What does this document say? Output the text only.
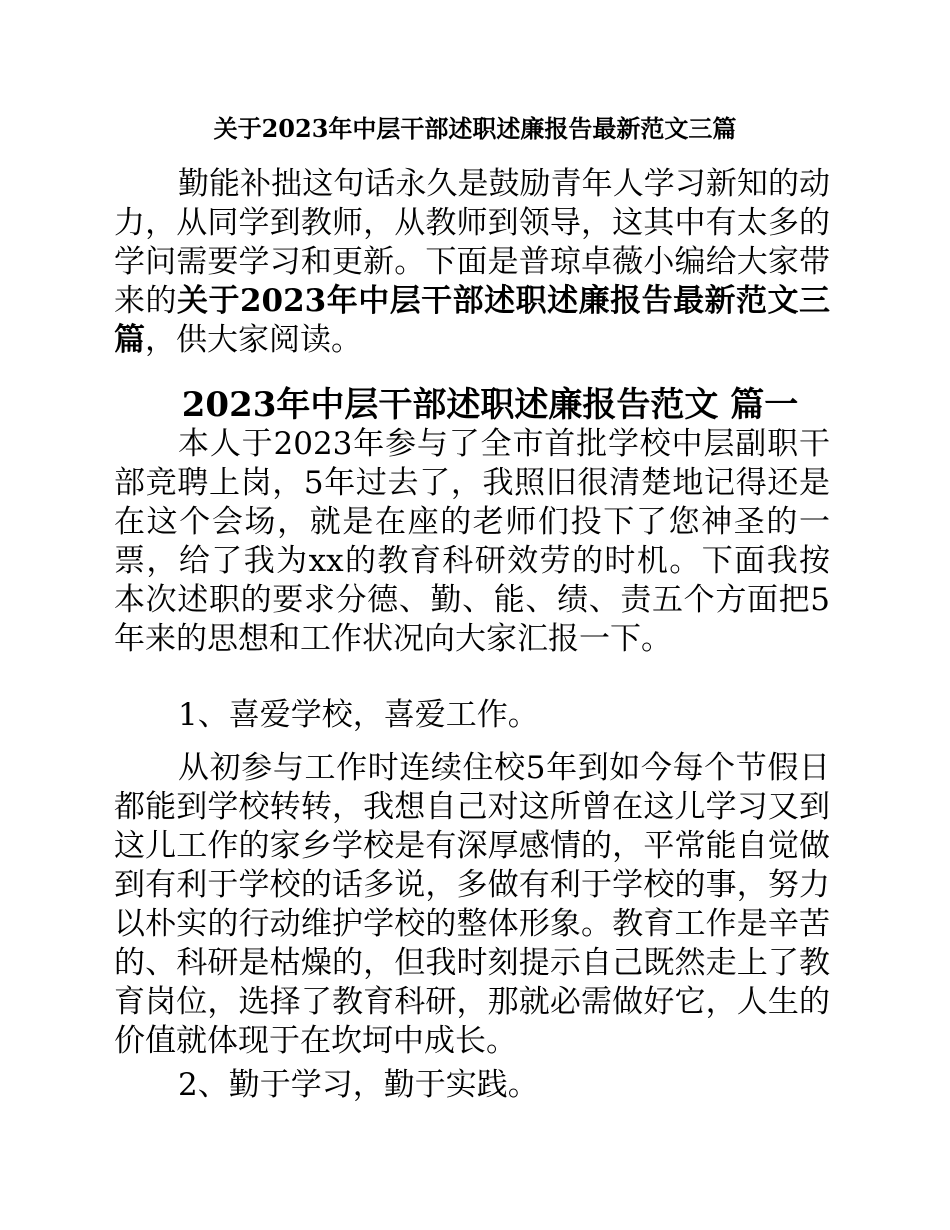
关于2023年中层干部述职述廉报告最新范文三篇

勤能补拙这句话永久是鼓励青年人学习新知的动力，从同学到教师，从教师到领导，这其中有太多的学问需要学习和更新。下面是普琼卓薇小编给大家带来的关于2023年中层干部述职述廉报告最新范文三篇，供大家阅读。

2023年中层干部述职述廉报告范文 篇一

本人于2023年参与了全市首批学校中层副职干部竞聘上岗，5年过去了，我照旧很清楚地记得还是在这个会场，就是在座的老师们投下了您神圣的一票，给了我为xx的教育科研效劳的时机。下面我按本次述职的要求分德、勤、能、绩、责五个方面把5年来的思想和工作状况向大家汇报一下。

1、喜爱学校，喜爱工作。

从初参与工作时连续住校5年到如今每个节假日都能到学校转转，我想自己对这所曾在这儿学习又到这儿工作的家乡学校是有深厚感情的，平常能自觉做到有利于学校的话多说，多做有利于学校的事，努力以朴实的行动维护学校的整体形象。教育工作是辛苦的、科研是枯燥的，但我时刻提示自己既然走上了教育岗位，选择了教育科研，那就必需做好它，人生的价值就体现于在坎坷中成长。

2、勤于学习，勤于实践。
